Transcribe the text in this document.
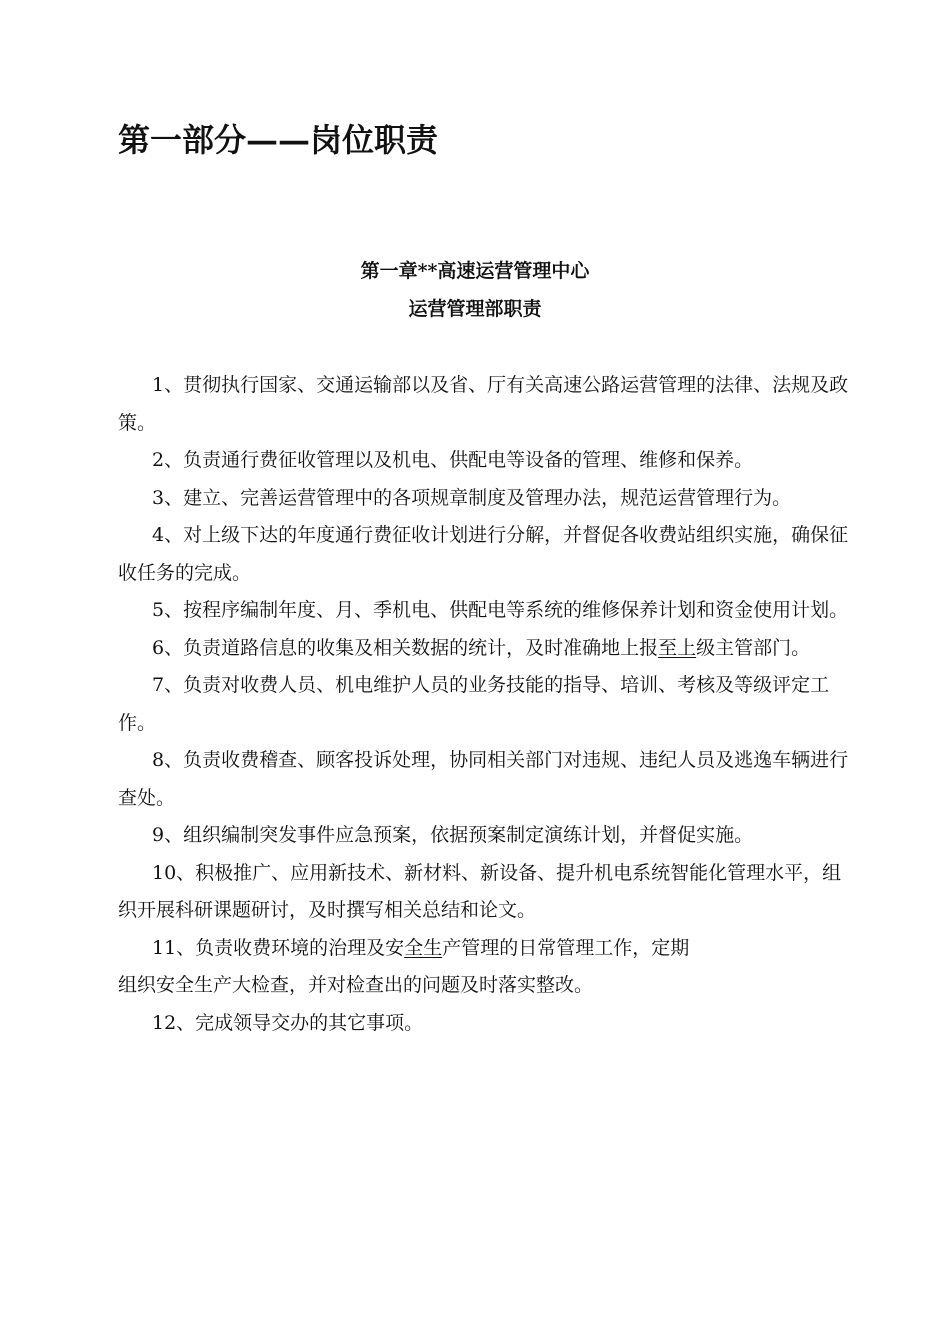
第一部分——岗位职责
第一章**高速运营管理中心
运营管理部职责
1、贯彻执行国家、交通运输部以及省、厅有关高速公路运营管理的法律、法规及政策。
2、负责通行费征收管理以及机电、供配电等设备的管理、维修和保养。
3、建立、完善运营管理中的各项规章制度及管理办法，规范运营管理行为。
4、对上级下达的年度通行费征收计划进行分解，并督促各收费站组织实施，确保征收任务的完成。
5、按程序编制年度、月、季机电、供配电等系统的维修保养计划和资金使用计划。
6、负责道路信息的收集及相关数据的统计，及时准确地上报至上级主管部门。
7、负责对收费人员、机电维护人员的业务技能的指导、培训、考核及等级评定工作。
8、负责收费稽查、顾客投诉处理，协同相关部门对违规、违纪人员及逃逸车辆进行查处。
9、组织编制突发事件应急预案，依据预案制定演练计划，并督促实施。
10、积极推广、应用新技术、新材料、新设备、提升机电系统智能化管理水平，组织开展科研课题研讨，及时撰写相关总结和论文。
11、负责收费环境的治理及安全生产管理的日常管理工作，定期
组织安全生产大检查，并对检查出的问题及时落实整改。
12、完成领导交办的其它事项。
